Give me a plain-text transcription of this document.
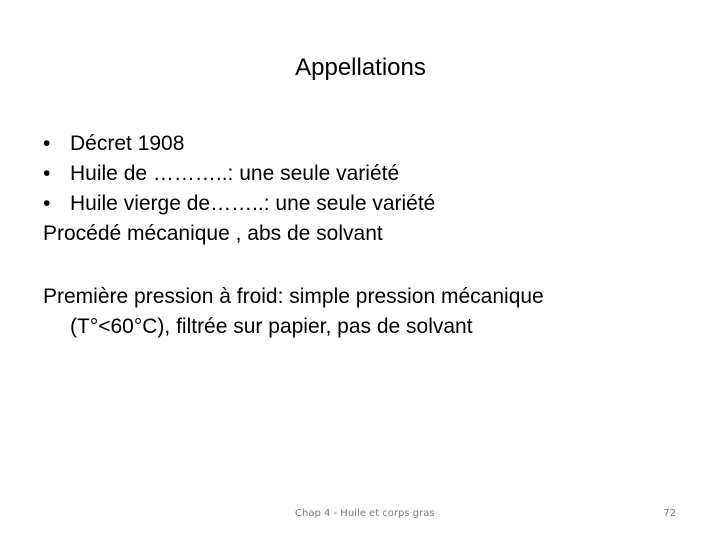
Appellations
• Décret 1908
• Huile de ………..: une seule variété
• Huile vierge de……..: une seule variété
Procédé mécanique , abs de solvant
Première pression à froid: simple pression mécanique
(T°<60°C), filtrée sur papier, pas de solvant
Chap 4 - Huile et corps gras	72
